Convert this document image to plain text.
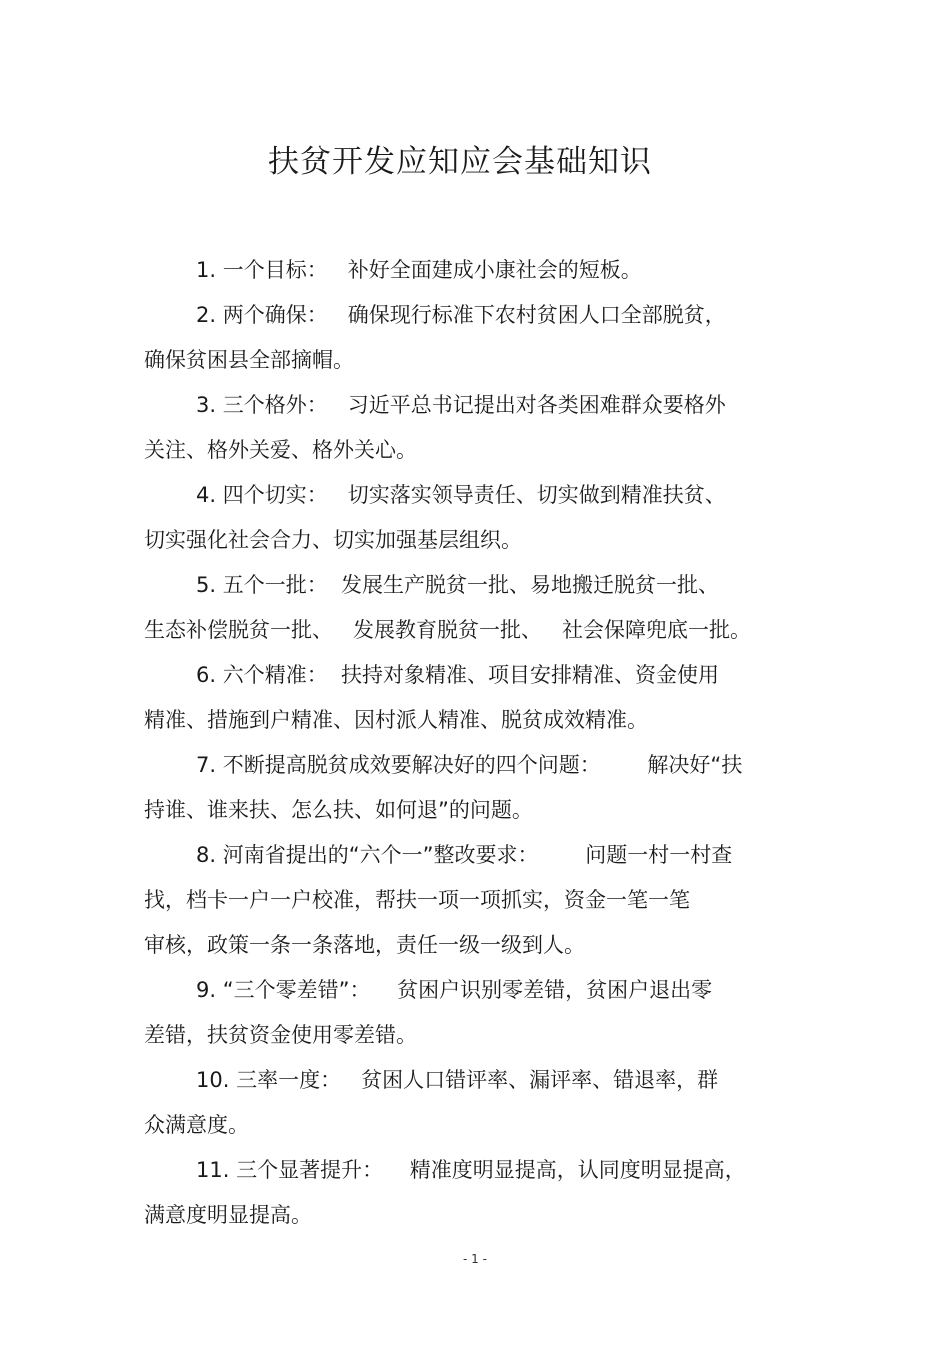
扶贫开发应知应会基础知识
1. 一个目标：   补好全面建成小康社会的短板。
2. 两个确保：   确保现行标准下农村贫困人口全部脱贫，
确保贫困县全部摘帽。
3. 三个格外：   习近平总书记提出对各类困难群众要格外
关注、格外关爱、格外关心。
4. 四个切实：   切实落实领导责任、切实做到精准扶贫、
切实强化社会合力、切实加强基层组织。
5. 五个一批：  发展生产脱贫一批、易地搬迁脱贫一批、
生态补偿脱贫一批、   发展教育脱贫一批、   社会保障兜底一批。
6. 六个精准：  扶持对象精准、项目安排精准、资金使用
精准、措施到户精准、因村派人精准、脱贫成效精准。
7. 不断提高脱贫成效要解决好的四个问题：       解决好“扶
持谁、谁来扶、怎么扶、如何退”的问题。
8. 河南省提出的“六个一”整改要求：       问题一村一村查
找，档卡一户一户校准，帮扶一项一项抓实，资金一笔一笔
审核，政策一条一条落地，责任一级一级到人。
9. “三个零差错”：    贫困户识别零差错，贫困户退出零
差错，扶贫资金使用零差错。
10. 三率一度：   贫困人口错评率、漏评率、错退率，群
众满意度。
11. 三个显著提升：    精准度明显提高，认同度明显提高，
满意度明显提高。
- 1 -
